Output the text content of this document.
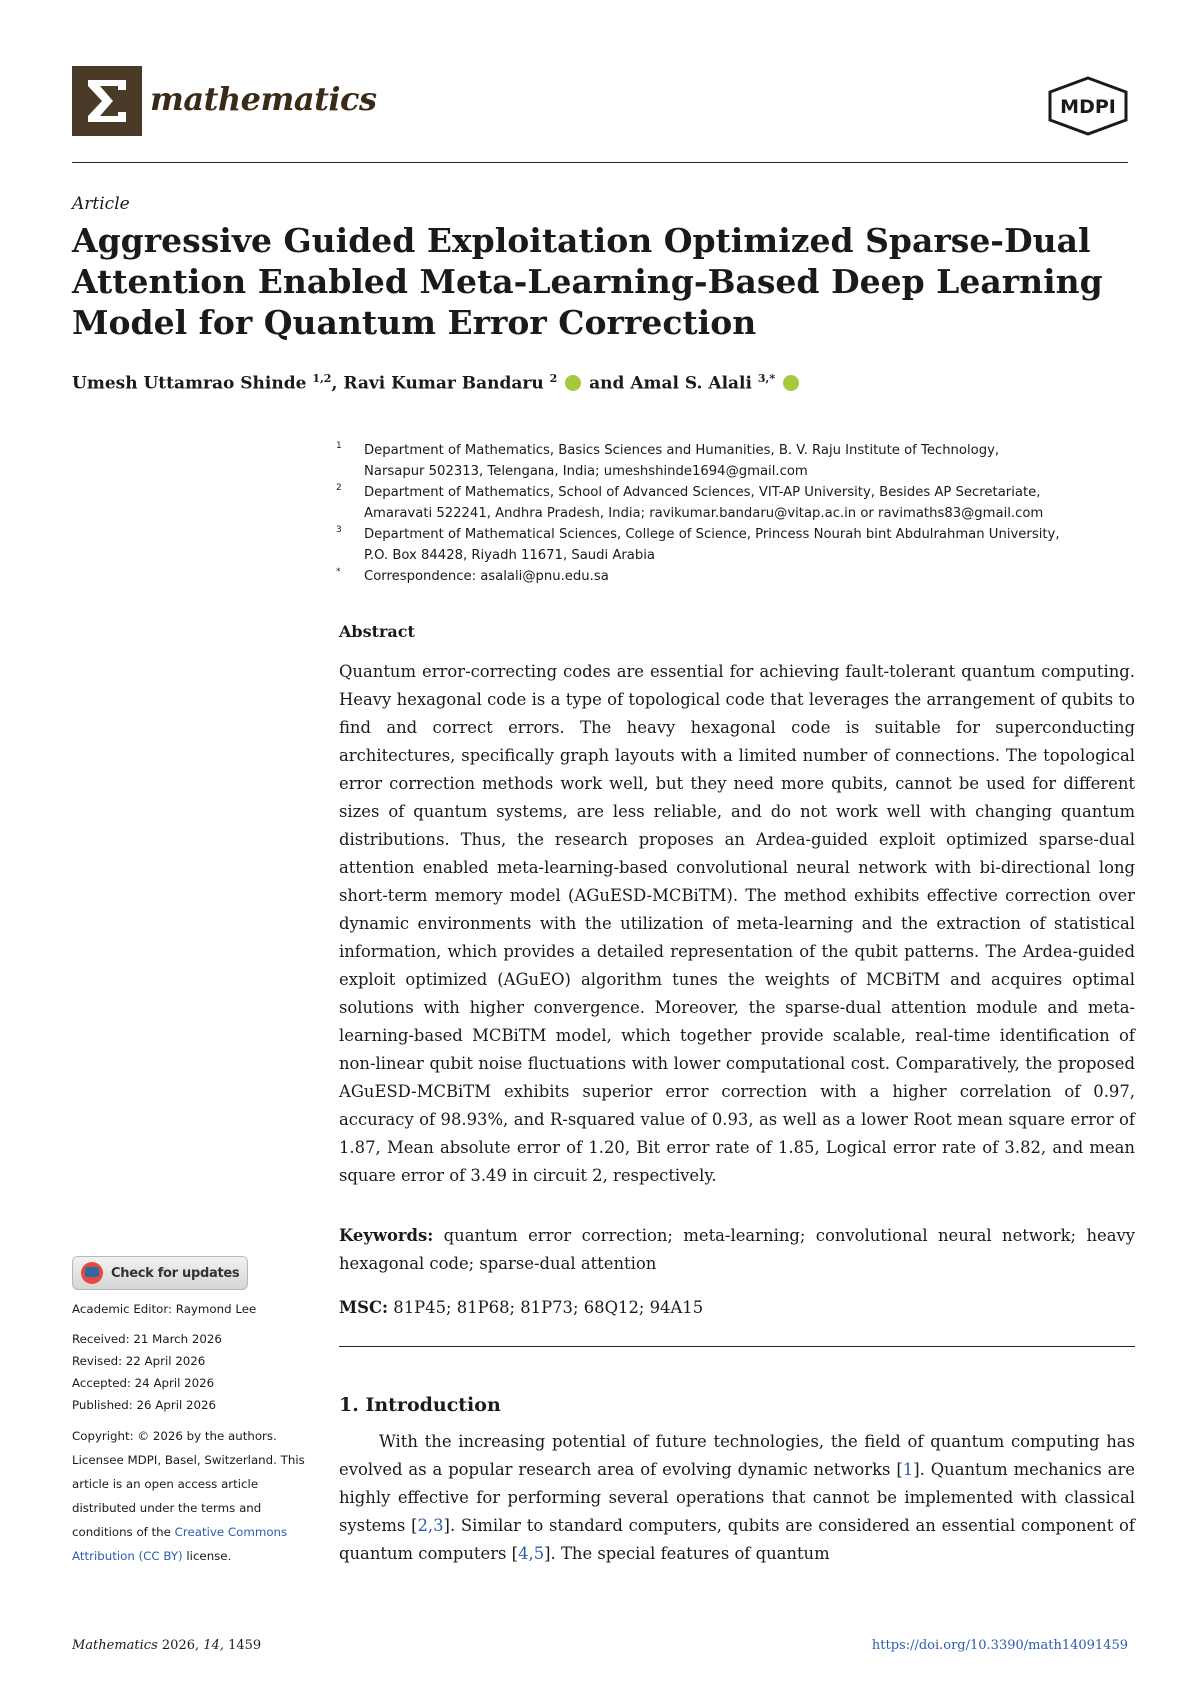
mathematics	MDPI
Article
Aggressive Guided Exploitation Optimized Sparse-Dual Attention Enabled Meta-Learning-Based Deep Learning Model for Quantum Error Correction
Umesh Uttamrao Shinde $^{1,2}$, Ravi Kumar Bandaru $^2$  and Amal S. Alali $^{3,*}$

1 Department of Mathematics, Basics Sciences and Humanities, B. V. Raju Institute of Technology,
Narsapur 502313, Telengana, India; umeshshinde1694@gmail.com

2 Department of Mathematics, School of Advanced Sciences, VIT-AP University, Besides AP Secretariate,
Amaravati 522241, Andhra Pradesh, India; ravikumar.bandaru@vitap.ac.in or ravimaths83@gmail.com

3 Department of Mathematical Sciences, College of Science, Princess Nourah bint Abdulrahman University,
P.O. Box 84428, Riyadh 11671, Saudi Arabia

* Correspondence: asalali@pnu.edu.sa

Abstract

Quantum error-correcting codes are essential for achieving fault-tolerant quantum computing. Heavy hexagonal code is a type of topological code that leverages the arrangement of qubits to find and correct errors. The heavy hexagonal code is suitable for superconducting architectures, specifically graph layouts with a limited number of connections. The topological error correction methods work well, but they need more qubits, cannot be used for different sizes of quantum systems, are less reliable, and do not work well with changing quantum distributions. Thus, the research proposes an Ardea-guided exploit optimized sparse-dual attention enabled meta-learning-based convolutional neural network with bi-directional long short-term memory model (AGuESD-MCBiTM). The method exhibits effective correction over dynamic environments with the utilization of meta-learning and the extraction of statistical information, which provides a detailed representation of the qubit patterns. The Ardea-guided exploit optimized (AGuEO) algorithm tunes the weights of MCBiTM and acquires optimal solutions with higher convergence. Moreover, the sparse-dual attention module and meta-learning-based MCBiTM model, which together provide scalable, real-time identification of non-linear qubit noise fluctuations with lower computational cost. Comparatively, the proposed AGuESD-MCBiTM exhibits superior error correction with a higher correlation of 0.97, accuracy of 98.93%, and R-squared value of 0.93, as well as a lower Root mean square error of 1.87, Mean absolute error of 1.20, Bit error rate of 1.85, Logical error rate of 3.82, and mean square error of 3.49 in circuit 2, respectively.

Keywords: quantum error correction; meta-learning; convolutional neural network; heavy hexagonal code; sparse-dual attention

MSC: 81P45; 81P68; 81P73; 68Q12; 94A15

1. Introduction

With the increasing potential of future technologies, the field of quantum computing has evolved as a popular research area of evolving dynamic networks [1]. Quantum mechanics are highly effective for performing several operations that cannot be implemented with classical systems [2,3]. Similar to standard computers, qubits are considered an essential component of quantum computers [4,5]. The special features of quantum

Check for updates

Academic Editor: Raymond Lee

Received: 21 March 2026

Revised: 22 April 2026

Accepted: 24 April 2026

Published: 26 April 2026

Copyright: © 2026 by the authors. Licensee MDPI, Basel, Switzerland. This article is an open access article distributed under the terms and conditions of the Creative Commons Attribution (CC BY) license.

Mathematics 2026, 14, 1459	https://doi.org/10.3390/math14091459
